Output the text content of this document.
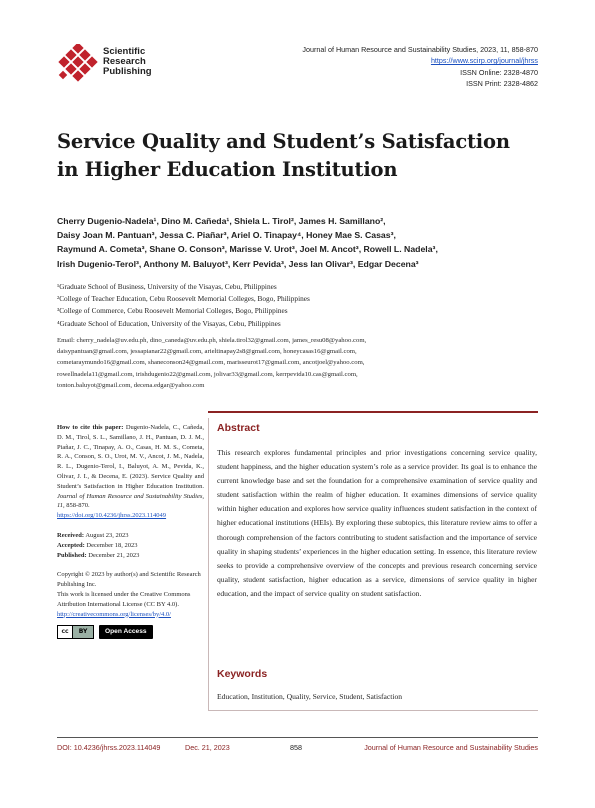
Scientific
Research
Publishing
Journal of Human Resource and Sustainability Studies, 2023, 11, 858-870
https://www.scirp.org/journal/jhrss
ISSN Online: 2328-4870
ISSN Print: 2328-4862
Service Quality and Student’s Satisfaction in Higher Education Institution
Cherry Dugenio-Nadela¹, Dino M. Cañeda¹, Shiela L. Tirol², James H. Samillano²,
Daisy Joan M. Pantuan³, Jessa C. Piañar³, Ariel O. Tinapay⁴, Honey Mae S. Casas³,
Raymund A. Cometa³, Shane O. Conson³, Marisse V. Urot³, Joel M. Ancot³, Rowell L. Nadela³,
Irish Dugenio-Terol³, Anthony M. Baluyot³, Kerr Pevida³, Jess Ian Olivar³, Edgar Decena³
¹Graduate School of Business, University of the Visayas, Cebu, Philippines
²College of Teacher Education, Cebu Roosevelt Memorial Colleges, Bogo, Philippines
³College of Commerce, Cebu Roosevelt Memorial Colleges, Bogo, Philippines
⁴Graduate School of Education, University of the Visayas, Cebu, Philippines
Email: cherry_nadela@uv.edu.ph, dino_caneda@uv.edu.ph, shiela.tirol32@gmail.com, james_resu08@yahoo.com,
daisypantuan@gmail.com, jessapianar22@gmail.com, arieltinapay2s8@gmail.com, honeycasas16@gmail.com,
cometaraymundo16@gmail.com, shaneconson24@gmail.com, marisseurot17@gmail.com, ancotjoel@yahoo.com,
rowellnadela11@gmail.com, irishdugenio22@gmail.com, jolivar33@gmail.com, kerrpevida10.cas@gmail.com,
tonton.baluyot@gmail.com, decena.edgar@yahoo.com
How to cite this paper: Dugenio-Nadela, C., Cañeda, D. M., Tirol, S. L., Samillano, J. H., Pantuan, D. J. M., Piañar, J. C., Tinapay, A. O., Casas, H. M. S., Cometa, R. A., Conson, S. O., Urot, M. V., Ancot, J. M., Nadela, R. L., Dugenio-Terol, I., Baluyot, A. M., Pevida, K., Olivar, J. I., & Decena, E. (2023). Service Quality and Student’s Satisfaction in Higher Education Institution. Journal of Human Resource and Sustainability Studies, 11, 858-870.
https://doi.org/10.4236/jhrss.2023.114049
Received: August 23, 2023
Accepted: December 18, 2023
Published: December 21, 2023
Copyright © 2023 by author(s) and Scientific Research Publishing Inc.
This work is licensed under the Creative Commons Attribution International License (CC BY 4.0).
http://creativecommons.org/licenses/by/4.0/
cc	BY	Open Access
Abstract
This research explores fundamental principles and prior investigations concerning service quality, student happiness, and the higher education system’s role as a service provider. Its goal is to enhance the current knowledge base and set the foundation for a comprehensive examination of service quality and student satisfaction within the realm of higher education. It examines dimensions of service quality within higher education and explores how service quality influences student satisfaction in the context of higher educational institutions (HEIs). By exploring these subtopics, this literature review aims to offer a thorough comprehension of the factors contributing to student satisfaction and the importance of service quality in shaping students’ experiences in the higher education setting. In essence, this literature review seeks to provide a comprehensive overview of the concepts and previous research concerning service quality, student satisfaction, higher education as a service, dimensions of service quality in higher education, and the impact of service quality on student satisfaction.
Keywords
Education, Institution, Quality, Service, Student, Satisfaction
DOI: 10.4236/jhrss.2023.114049	Dec. 21, 2023	858	Journal of Human Resource and Sustainability Studies
